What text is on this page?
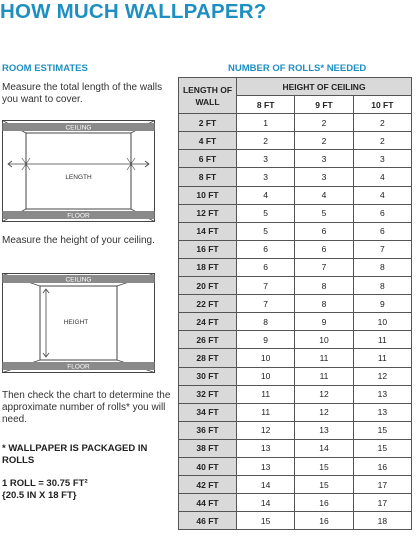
HOW MUCH WALLPAPER?
ROOM ESTIMATES	NUMBER OF ROLLS* NEEDED
Measure the total length of the walls you want to cover.
CEILING
LENGTH
FLOOR
Measure the height of your ceiling.
CEILING
HEIGHT
FLOOR
Then check the chart to determine the approximate number of rolls* you will need.
* WALLPAPER IS PACKAGED IN ROLLS
1 ROLL = 30.75 FT²
{20.5 IN X 18 FT}
LENGTH OF WALL	HEIGHT OF CEILING		
	8 FT	9 FT	10 FT
2 FT	1	2	2
4 FT	2	2	2
6 FT	3	3	3
8 FT	3	3	4
10 FT	4	4	4
12 FT	5	5	6
14 FT	5	6	6
16 FT	6	6	7
18 FT	6	7	8
20 FT	7	8	8
22 FT	7	8	9
24 FT	8	9	10
26 FT	9	10	11
28 FT	10	11	11
30 FT	10	11	12
32 FT	11	12	13
34 FT	11	12	13
36 FT	12	13	15
38 FT	13	14	15
40 FT	13	15	16
42 FT	14	15	17
44 FT	14	16	17
46 FT	15	16	18
